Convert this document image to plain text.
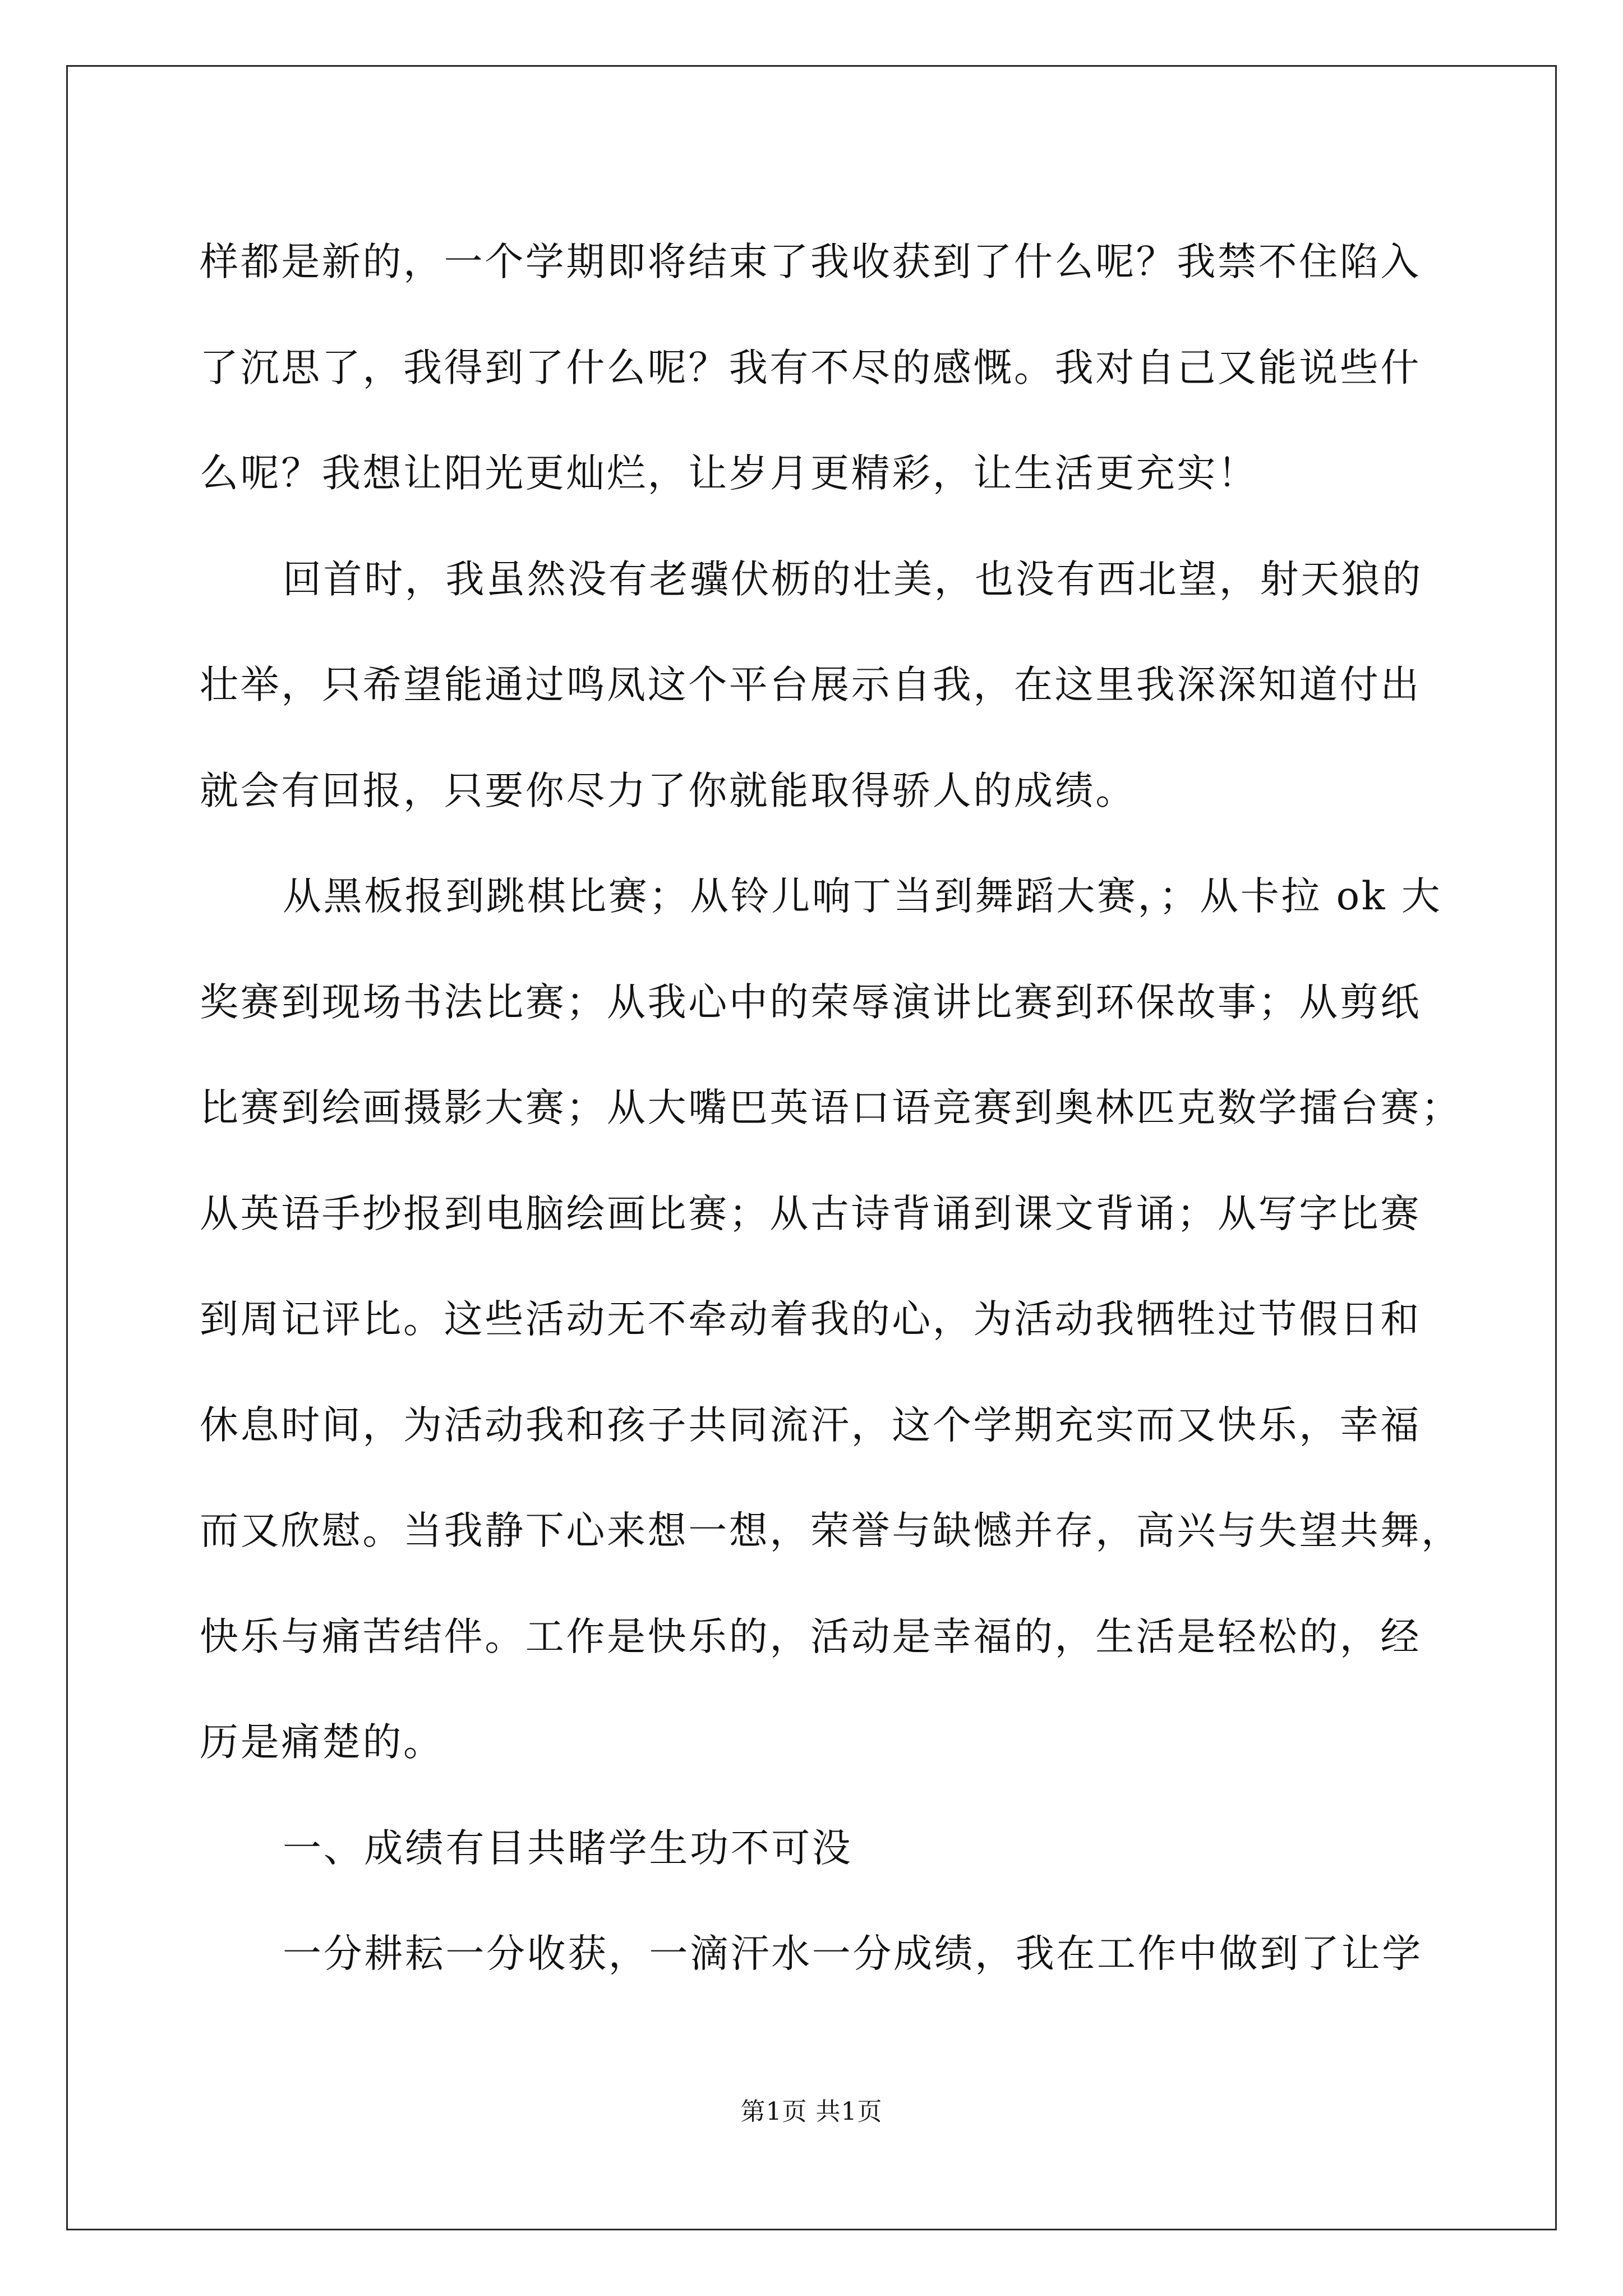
样都是新的，一个学期即将结束了我收获到了什么呢？我禁不住陷入
了沉思了，我得到了什么呢？我有不尽的感慨。我对自己又能说些什
么呢？我想让阳光更灿烂，让岁月更精彩，让生活更充实！
回首时，我虽然没有老骥伏枥的壮美，也没有西北望，射天狼的
壮举，只希望能通过鸣凤这个平台展示自我，在这里我深深知道付出
就会有回报，只要你尽力了你就能取得骄人的成绩。
从黑板报到跳棋比赛；从铃儿响丁当到舞蹈大赛，；从卡拉 ok 大
奖赛到现场书法比赛；从我心中的荣辱演讲比赛到环保故事；从剪纸
比赛到绘画摄影大赛；从大嘴巴英语口语竞赛到奥林匹克数学擂台赛；
从英语手抄报到电脑绘画比赛；从古诗背诵到课文背诵；从写字比赛
到周记评比。这些活动无不牵动着我的心，为活动我牺牲过节假日和
休息时间，为活动我和孩子共同流汗，这个学期充实而又快乐，幸福
而又欣慰。当我静下心来想一想，荣誉与缺憾并存，高兴与失望共舞，
快乐与痛苦结伴。工作是快乐的，活动是幸福的，生活是轻松的，经
历是痛楚的。
一、成绩有目共睹学生功不可没
一分耕耘一分收获，一滴汗水一分成绩，我在工作中做到了让学
第1页 共1页
